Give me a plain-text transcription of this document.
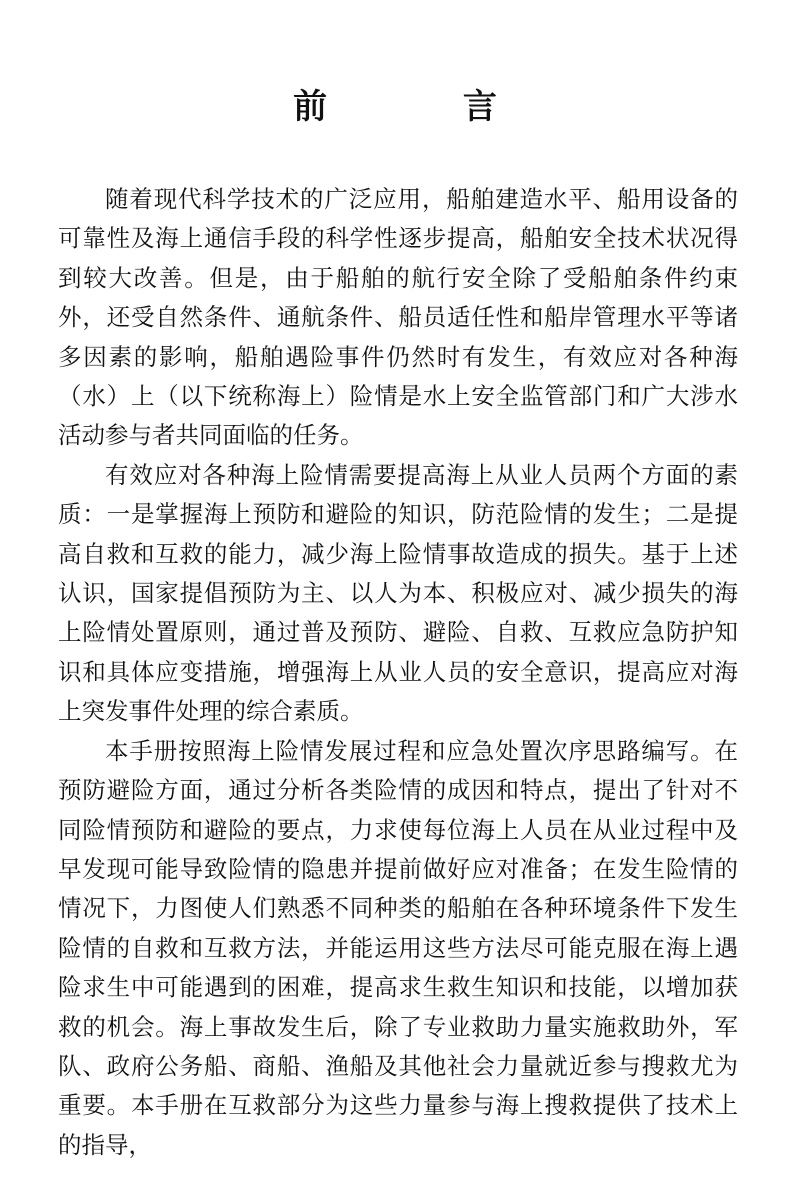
前 言

随着现代科学技术的广泛应用，船舶建造水平、船用设备的可靠性及海上通信手段的科学性逐步提高，船舶安全技术状况得到较大改善。但是，由于船舶的航行安全除了受船舶条件约束外，还受自然条件、通航条件、船员适任性和船岸管理水平等诸多因素的影响，船舶遇险事件仍然时有发生，有效应对各种海（水）上（以下统称海上）险情是水上安全监管部门和广大涉水活动参与者共同面临的任务。

有效应对各种海上险情需要提高海上从业人员两个方面的素质：一是掌握海上预防和避险的知识，防范险情的发生；二是提高自救和互救的能力，减少海上险情事故造成的损失。基于上述认识，国家提倡预防为主、以人为本、积极应对、减少损失的海上险情处置原则，通过普及预防、避险、自救、互救应急防护知识和具体应变措施，增强海上从业人员的安全意识，提高应对海上突发事件处理的综合素质。

本手册按照海上险情发展过程和应急处置次序思路编写。在预防避险方面，通过分析各类险情的成因和特点，提出了针对不同险情预防和避险的要点，力求使每位海上人员在从业过程中及早发现可能导致险情的隐患并提前做好应对准备；在发生险情的情况下，力图使人们熟悉不同种类的船舶在各种环境条件下发生险情的自救和互救方法，并能运用这些方法尽可能克服在海上遇险求生中可能遇到的困难，提高求生救生知识和技能，以增加获救的机会。海上事故发生后，除了专业救助力量实施救助外，军队、政府公务船、商船、渔船及其他社会力量就近参与搜救尤为重要。本手册在互救部分为这些力量参与海上搜救提供了技术上的指导，
